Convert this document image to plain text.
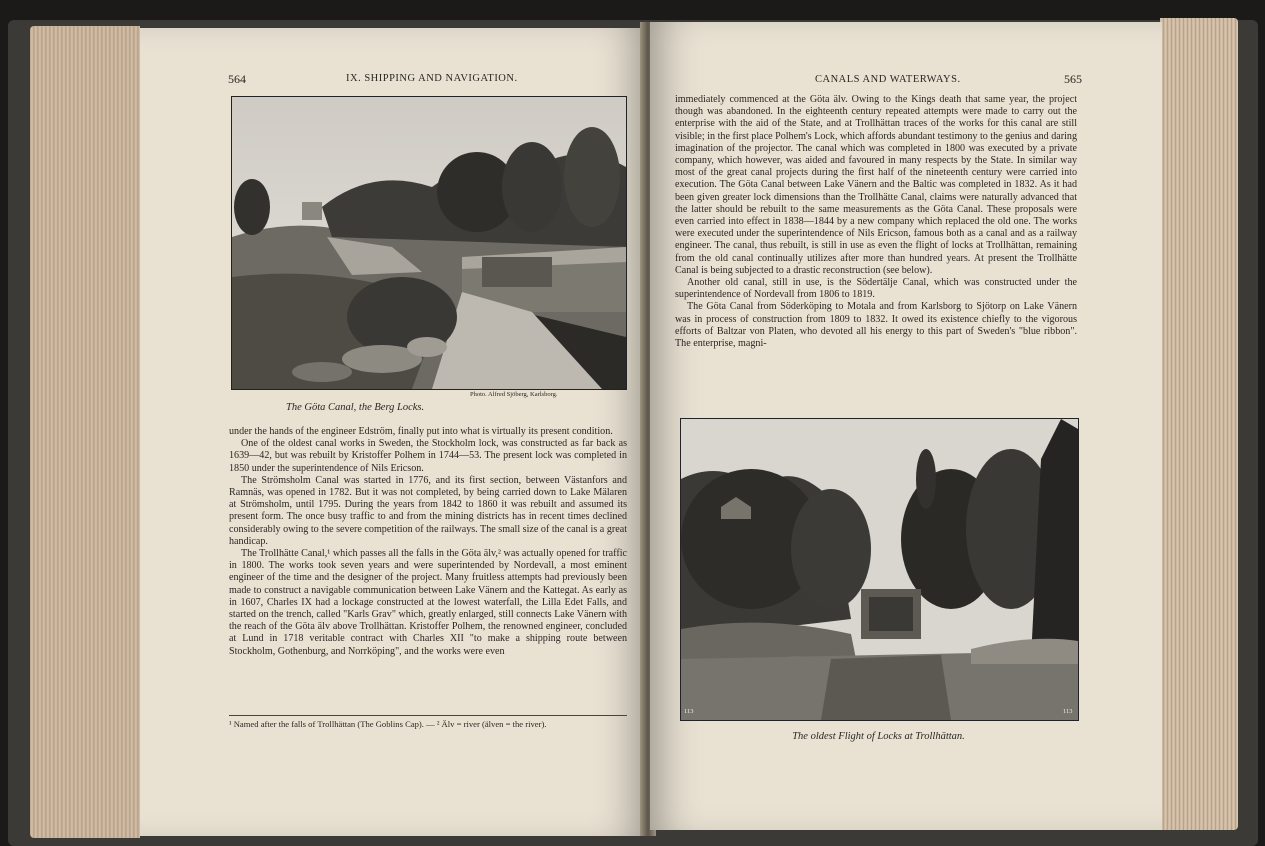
564	IX. SHIPPING AND NAVIGATION.
Photo. Alfred Sjöberg, Karlsborg.
The Göta Canal, the Berg Locks.

under the hands of the engineer Edström, finally put into what is virtually its present condition.

One of the oldest canal works in Sweden, the Stockholm lock, was constructed as far back as 1639—42, but was rebuilt by Kristoffer Polhem in 1744—53. The present lock was completed in 1850 under the superintendence of Nils Ericson.

The Strömsholm Canal was started in 1776, and its first section, between Västanfors and Ramnäs, was opened in 1782. But it was not completed, by being carried down to Lake Mälaren at Strömsholm, until 1795. During the years from 1842 to 1860 it was rebuilt and assumed its present form. The once busy traffic to and from the mining districts has in recent times declined considerably owing to the severe competition of the railways. The small size of the canal is a great handicap.

The Trollhätte Canal,¹ which passes all the falls in the Göta älv,² was actually opened for traffic in 1800. The works took seven years and were superintended by Nordevall, a most eminent engineer of the time and the designer of the project. Many fruitless attempts had previously been made to construct a navigable communication between Lake Vänern and the Kattegat. As early as in 1607, Charles IX had a lockage constructed at the lowest waterfall, the Lilla Edet Falls, and started on the trench, called "Karls Grav" which, greatly enlarged, still connects Lake Vänern with the reach of the Göta älv above Trollhättan. Kristoffer Polhem, the renowned engineer, concluded at Lund in 1718 veritable contract with Charles XII "to make a shipping route between Stockholm, Gothenburg, and Norrköping", and the works were even

¹ Named after the falls of Trollhättan (The Goblins Cap). — ² Älv = river (älven = the river).
CANALS AND WATERWAYS.	565

immediately commenced at the Göta älv. Owing to the Kings death that same year, the project though was abandoned. In the eighteenth century repeated attempts were made to carry out the enterprise with the aid of the State, and at Trollhättan traces of the works for this canal are still visible; in the first place Polhem's Lock, which affords abundant testimony to the genius and daring imagination of the projector. The canal which was completed in 1800 was executed by a private company, which however, was aided and favoured in many respects by the State. In similar way most of the great canal projects during the first half of the nineteenth century were carried into execution. The Göta Canal between Lake Vänern and the Baltic was completed in 1832. As it had been given greater lock dimensions than the Trollhätte Canal, claims were naturally advanced that the latter should be rebuilt to the same measurements as the Göta Canal. These proposals were even carried into effect in 1838—1844 by a new company which replaced the old one. The works were executed under the superintendence of Nils Ericson, famous both as a canal and as a railway engineer. The canal, thus rebuilt, is still in use as even the flight of locks at Trollhättan, remaining from the old canal continually utilizes after more than hundred years. At present the Trollhätte Canal is being subjected to a drastic reconstruction (see below).

Another old canal, still in use, is the Södertälje Canal, which was constructed under the superintendence of Nordevall from 1806 to 1819.

The Göta Canal from Söderköping to Motala and from Karlsborg to Sjötorp on Lake Vänern was in process of construction from 1809 to 1832. It owed its existence chiefly to the vigorous efforts of Baltzar von Platen, who devoted all his energy to this part of Sweden's "blue ribbon". The enterprise, magni-

113	113
The oldest Flight of Locks at Trollhättan.
